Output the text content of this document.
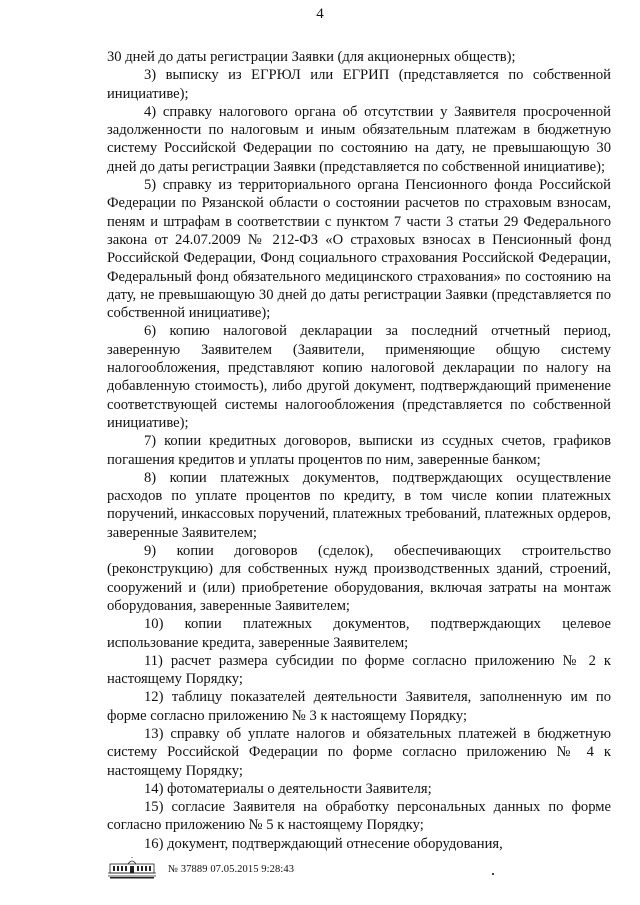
4

30 дней до даты регистрации Заявки (для акционерных обществ);

3) выписку из ЕГРЮЛ или ЕГРИП (представляется по собственной инициативе);

4) справку налогового органа об отсутствии у Заявителя просроченной задолженности по налоговым и иным обязательным платежам в бюджетную систему Российской Федерации по состоянию на дату, не превышающую 30 дней до даты регистрации Заявки (представляется по собственной инициативе);

5) справку из территориального органа Пенсионного фонда Российской Федерации по Рязанской области о состоянии расчетов по страховым взносам, пеням и штрафам в соответствии с пунктом 7 части 3 статьи 29 Федерального закона от 24.07.2009 № 212-ФЗ «О страховых взносах в Пенсионный фонд Российской Федерации, Фонд социального страхования Российской Федерации, Федеральный фонд обязательного медицинского страхования» по состоянию на дату, не превышающую 30 дней до даты регистрации Заявки (представляется по собственной инициативе);

6) копию налоговой декларации за последний отчетный период, заверенную Заявителем (Заявители, применяющие общую систему налогообложения, представляют копию налоговой декларации по налогу на добавленную стоимость), либо другой документ, подтверждающий применение соответствующей системы налогообложения (представляется по собственной инициативе);

7) копии кредитных договоров, выписки из ссудных счетов, графиков погашения кредитов и уплаты процентов по ним, заверенные банком;

8) копии платежных документов, подтверждающих осуществление расходов по уплате процентов по кредиту, в том числе копии платежных поручений, инкассовых поручений, платежных требований, платежных ордеров, заверенные Заявителем;

9) копии договоров (сделок), обеспечивающих строительство (реконструкцию) для собственных нужд производственных зданий, строений, сооружений и (или) приобретение оборудования, включая затраты на монтаж оборудования, заверенные Заявителем;

10) копии платежных документов, подтверждающих целевое использование кредита, заверенные Заявителем;

11) расчет размера субсидии по форме согласно приложению № 2 к настоящему Порядку;

12) таблицу показателей деятельности Заявителя, заполненную им по форме согласно приложению № 3 к настоящему Порядку;

13) справку об уплате налогов и обязательных платежей в бюджетную систему Российской Федерации по форме согласно приложению № 4 к настоящему Порядку;

14) фотоматериалы о деятельности Заявителя;

15) согласие Заявителя на обработку персональных данных по форме согласно приложению № 5 к настоящему Порядку;

16) документ, подтверждающий отнесение оборудования,

№ 37889 07.05.2015 9:28:43
